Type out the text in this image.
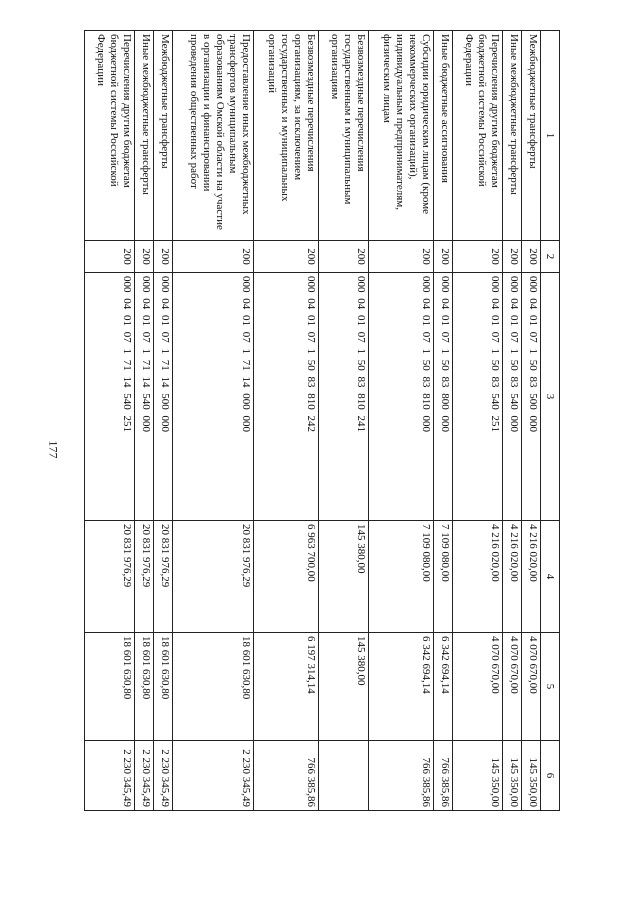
177
1	2	3	4	5	6
Межбюджетные трансферты	200	000 04 01 07 1 50 83 500 000	4 216 020,00	4 070 670,00	145 350,00
Иные межбюджетные трансферты	200	000 04 01 07 1 50 83 540 000	4 216 020,00	4 070 670,00	145 350,00
Перечисления другим бюджетам бюджетной системы Российской Федерации	200	000 04 01 07 1 50 83 540 251	4 216 020,00	4 070 670,00	145 350,00
Иные бюджетные ассигнования	200	000 04 01 07 1 50 83 800 000	7 109 080,00	6 342 694,14	766 385,86
Субсидии юридическим лицам (кроме некоммерческих организаций), индивидуальным предпринимателям, физическим лицам	200	000 04 01 07 1 50 83 810 000	7 109 080,00	6 342 694,14	766 385,86
Безвозмездные перечисления государственным и муниципальным организациям	200	000 04 01 07 1 50 83 810 241	145 380,00	145 380,00	
Безвозмездные перечисления организациям, за исключением государственных и муниципальных организаций	200	000 04 01 07 1 50 83 810 242	6 963 700,00	6 197 314,14	766 385,86
Предоставление иных межбюджетных трансфертов муниципальным образованиям Омской области на участие в организации и финансировании проведения общественных работ	200	000 04 01 07 1 71 14 000 000	20 831 976,29	18 601 630,80	2 230 345,49
Межбюджетные трансферты	200	000 04 01 07 1 71 14 500 000	20 831 976,29	18 601 630,80	2 230 345,49
Иные межбюджетные трансферты	200	000 04 01 07 1 71 14 540 000	20 831 976,29	18 601 630,80	2 230 345,49
Перечисления другим бюджетам бюджетной системы Российской Федерации	200	000 04 01 07 1 71 14 540 251	20 831 976,29	18 601 630,80	2 230 345,49
